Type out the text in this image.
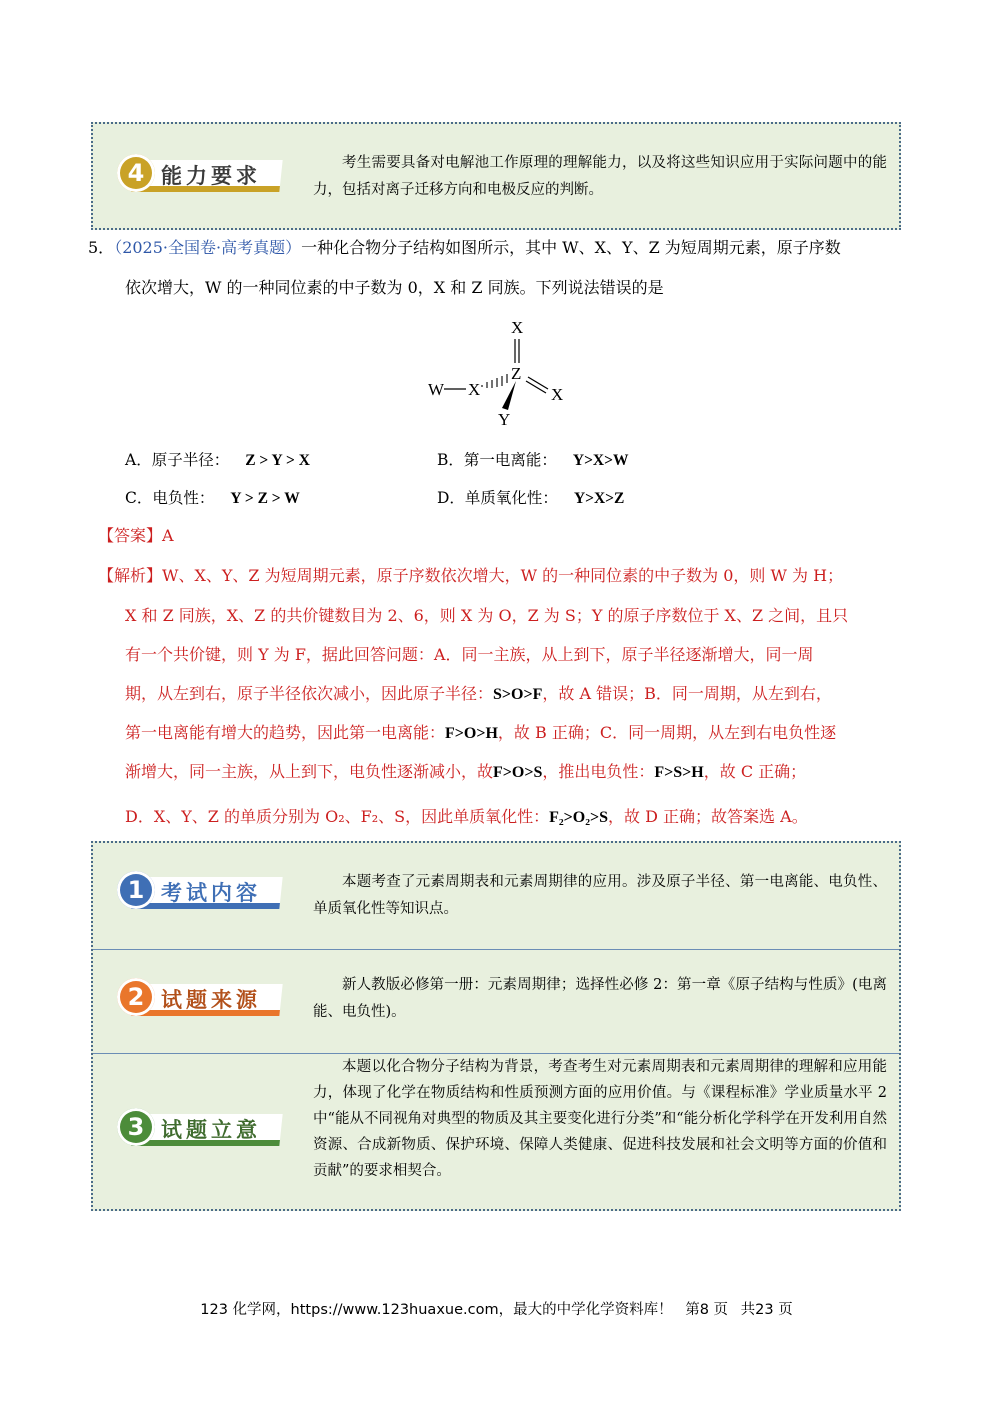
4 能力要求	考生需要具备对电解池工作原理的理解能力，以及将这些知识应用于实际问题中的能力，包括对离子迁移方向和电极反应的判断。
5．（2025·全国卷·高考真题）一种化合物分子结构如图所示，其中 W、X、Y、Z 为短周期元素，原子序数
依次增大，W 的一种同位素的中子数为 0，X 和 Z 同族。下列说法错误的是
X
Z
X
W X
Y
A．原子半径： Z > Y > X	B．第一电离能： Y>X>W
C．电负性： Y > Z > W	D．单质氧化性： Y>X>Z
【答案】A
【解析】W、X、Y、Z 为短周期元素，原子序数依次增大，W 的一种同位素的中子数为 0，则 W 为 H；
X 和 Z 同族，X、Z 的共价键数目为 2、6，则 X 为 O，Z 为 S；Y 的原子序数位于 X、Z 之间，且只
有一个共价键，则 Y 为 F，据此回答问题：A．同一主族，从上到下，原子半径逐渐增大，同一周
期，从左到右，原子半径依次减小，因此原子半径：S>O>F，故 A 错误；B．同一周期，从左到右，
第一电离能有增大的趋势，因此第一电离能：F>O>H，故 B 正确；C．同一周期，从左到右电负性逐
渐增大，同一主族，从上到下，电负性逐渐减小，故F>O>S，推出电负性：F>S>H，故 C 正确；
D．X、Y、Z 的单质分别为 O₂、F₂、S，因此单质氧化性：F₂>O₂>S，故 D 正确；故答案选 A。
1 考试内容	本题考查了元素周期表和元素周期律的应用。涉及原子半径、第一电离能、电负性、单质氧化性等知识点。
2 试题来源
新人教版必修第一册：元素周期律；选择性必修 2：第一章《原子结构与性质》(电离能、电负性)。
3 试题立意
本题以化合物分子结构为背景，考查考生对元素周期表和元素周期律的理解和应用能力，体现了化学在物质结构和性质预测方面的应用价值。与《课程标准》学业质量水平 2 中“能从不同视角对典型的物质及其主要变化进行分类”和“能分析化学科学在开发利用自然资源、合成新物质、保护环境、保障人类健康、促进科技发展和社会文明等方面的价值和贡献”的要求相契合。
123 化学网，https://www.123huaxue.com，最大的中学化学资料库！ 第8 页 共23 页
